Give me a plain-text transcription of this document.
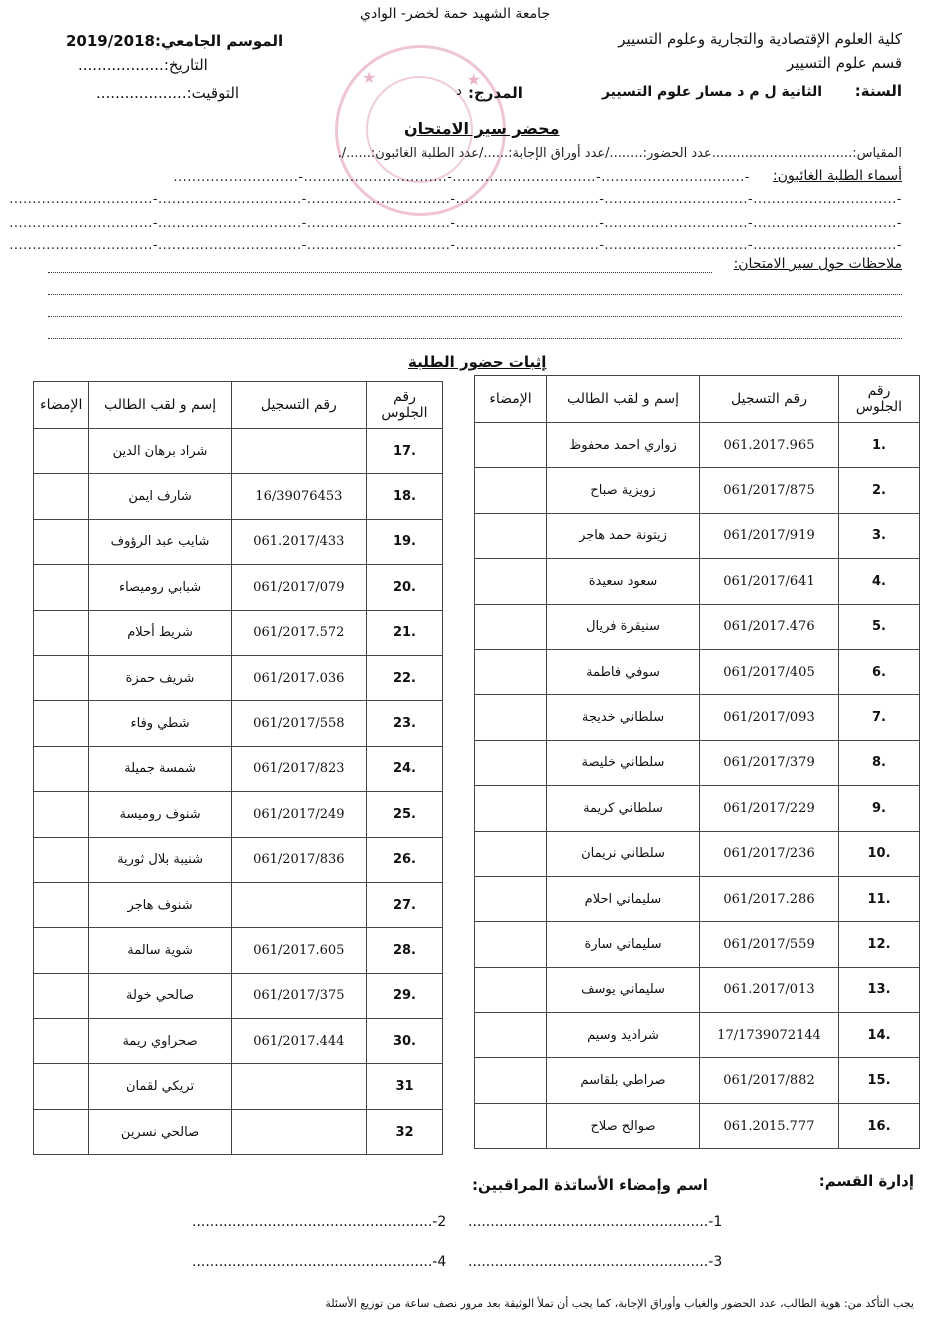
★	★
جامعة الشهيد حمة لخضر- الوادي
كلية العلوم الإقتصادية والتجارية وعلوم التسيير
قسم علوم التسيير
السنة:
الثانية ل م د مسار علوم التسيير
المدرج:
د
الموسم الجامعي:2019/2018
التاريخ:..................
التوقيت:...................
محضر سير الامتحان
المقياس:..................................عدد الحضور:......../عدد أوراق الإجابة:....../عدد الطلبة الغائبون:....../.
أسماء الطلبة الغائبون:
-...............................-...............................-...............................-...........................
-...............................-...............................-...............................-...............................-...............................-...............................
-...............................-...............................-...............................-...............................-...............................-...............................
-...............................-...............................-...............................-...............................-...............................-...............................
ملاحظات حول سير الامتحان:
إثبات حضور الطلبة
رقم الجلوس	رقم التسجيل	إسم و لقب الطالب	الإمضاء
1.	061.2017.965	زواري احمد محفوظ	
2.	061/2017/875	زويزية صباح	
3.	061/2017/919	زيتونة حمد هاجر	
4.	061/2017/641	سعود سعيدة	
5.	061/2017.476	سنيقرة فريال	
6.	061/2017/405	سوفي فاطمة	
7.	061/2017/093	سلطاني خديجة	
8.	061/2017/379	سلطاني خليصة	
9.	061/2017/229	سلطاني كريمة	
10.	061/2017/236	سلطاني نريمان	
11.	061/2017.286	سليماني احلام	
12.	061/2017/559	سليماني سارة	
13.	061.2017/013	سليماني يوسف	
14.	17/1739072144	شراديد وسيم	
15.	061/2017/882	صراطي بلقاسم	
16.	061.2015.777	صوالح صلاح	
رقم الجلوس	رقم التسجيل	إسم و لقب الطالب	الإمضاء
17.		شراد برهان الدين	
18.	16/39076453	شارف ايمن	
19.	061.2017/433	شايب عبد الرؤوف	
20.	061/2017/079	شبابي روميصاء	
21.	061/2017.572	شريط أحلام	
22.	061/2017.036	شريف حمزة	
23.	061/2017/558	شطي وفاء	
24.	061/2017/823	شمسة جميلة	
25.	061/2017/249	شنوف روميسة	
26.	061/2017/836	شنيبة بلال ثورية	
27.		شنوف هاجر	
28.	061/2017.605	شوية سالمة	
29.	061/2017/375	صالحي خولة	
30.	061/2017.444	صحراوي ريمة	
31		تريكي لقمان	
32		صالحي نسرين	
إدارة القسم:
اسم وإمضاء الأساتذة المراقبين:
1-......................................................
2-......................................................
3-......................................................
4-......................................................
يجب التأكد من: هوية الطالب، عدد الحضور والغياب وأوراق الإجابة، كما يجب أن تملأ الوثيقة بعد مرور نصف ساعة من توزيع الأسئلة
